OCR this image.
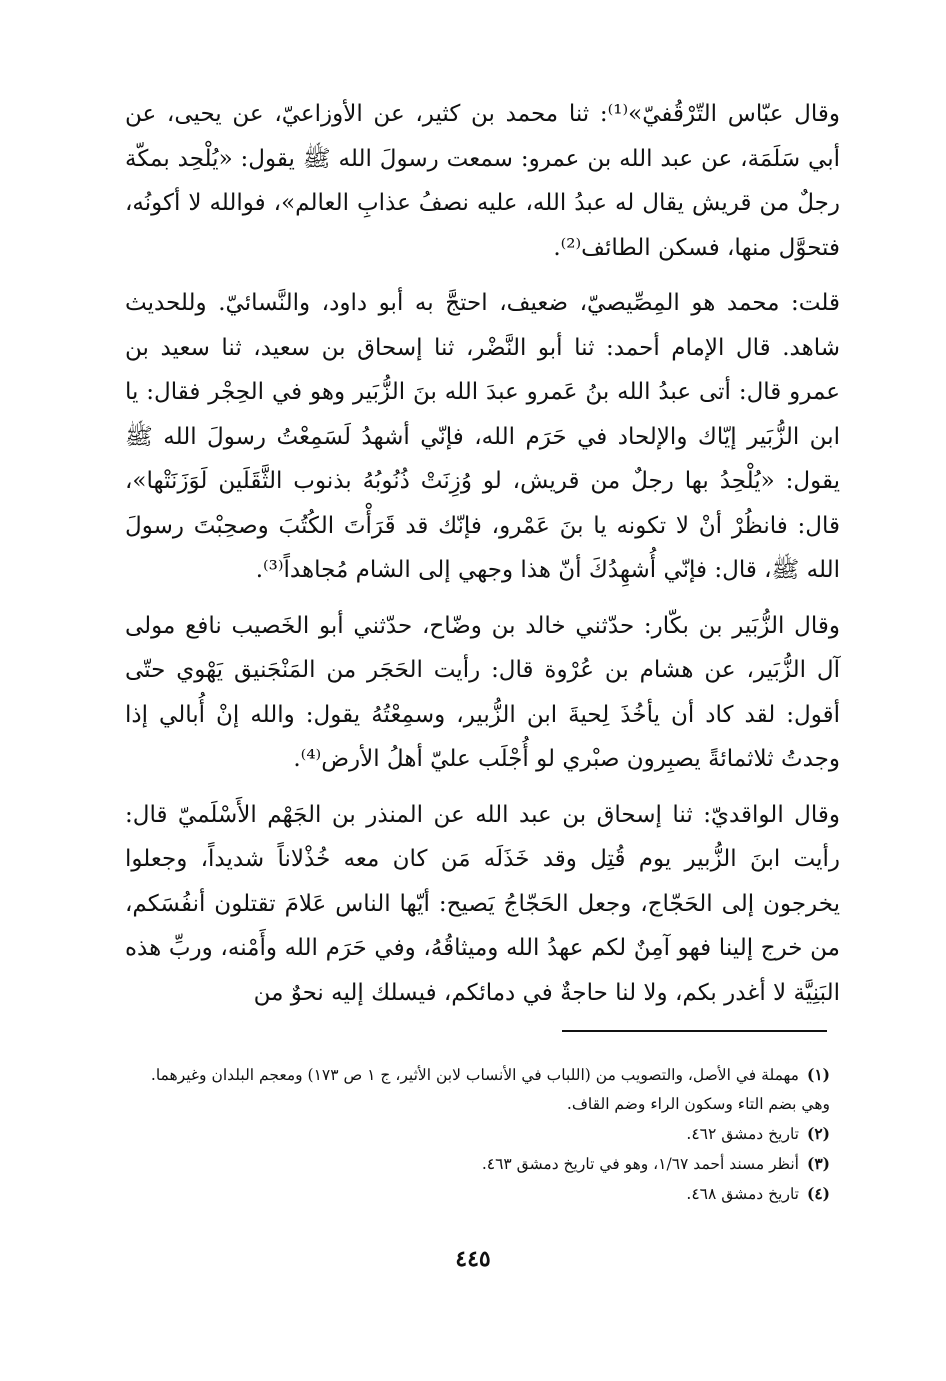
وقال عبّاس التّرْقُفيّ»⁽¹⁾: ثنا محمد بن كثير، عن الأوزاعيّ، عن يحيى، عن أبي سَلَمَة، عن عبد الله بن عمرو: سمعت رسولَ الله ﷺ يقول: «يُلْحِد بمكّة رجلٌ من قريش يقال له عبدُ الله، عليه نصفُ عذابِ العالم»، فوالله لا أكونُه، فتحوَّل منها، فسكن الطائف⁽²⁾.

قلت: محمد هو المِصِّيصيّ، ضعيف، احتجَّ به أبو داود، والنَّسائيّ. وللحديث شاهد. قال الإمام أحمد: ثنا أبو النَّضْر، ثنا إسحاق بن سعيد، ثنا سعيد بن عمرو قال: أتى عبدُ الله بنُ عَمرو عبدَ الله بنَ الزُّبَير وهو في الحِجْر فقال: يا ابن الزُّبَير إيّاك والإلحاد في حَرَم الله، فإنّي أشهدُ لَسَمِعْتُ رسولَ الله ﷺ يقول: «يُلْحِدُ بها رجلٌ من قريش، لو وُزِنَتْ ذُنُوبُهُ بذنوب الثَّقَلَين لَوَزَنَتْها»، قال: فانظُرْ أنْ لا تكونه يا بنَ عَمْرو، فإنّك قد قَرَأْتَ الكُتُبَ وصحِبْتَ رسولَ الله ﷺ، قال: فإنّي أُشهِدُكَ أنّ هذا وجهي إلى الشام مُجاهداً⁽³⁾.

وقال الزُّبَير بن بكّار: حدّثني خالد بن وضّاح، حدّثني أبو الخَصيب نافع مولى آل الزُّبَير، عن هشام بن عُرْوة قال: رأيت الحَجَر من المَنْجَنيق يَهْوي حتّى أقول: لقد كاد أن يأخُذَ لِحيةَ ابن الزُّبير، وسمِعْتُهُ يقول: والله إنْ أُبالي إذا وجدتُ ثلاثمائةً يصبِرون صبْري لو أُجْلَب عليّ أهلُ الأرض⁽⁴⁾.

وقال الواقديّ: ثنا إسحاق بن عبد الله عن المنذر بن الجَهْم الأَسْلَميّ قال: رأيت ابنَ الزُّبير يوم قُتِل وقد خَذَلَه مَن كان معه خُذْلاناً شديداً، وجعلوا يخرجون إلى الحَجّاج، وجعل الحَجّاجُ يَصيح: أيّها الناس عَلامَ تقتلون أنفُسَكم، من خرج إلينا فهو آمِنٌ لكم عهدُ الله وميثاقُهُ، وفي حَرَم الله وأَمْنه، وربِّ هذه البَنِيَّة لا أغدر بكم، ولا لنا حاجةٌ في دمائكم، فيسلك إليه نحوٌ من

(١)مهملة في الأصل، والتصويب من (اللباب في الأنساب لابن الأثير، ج ١ ص ١٧٣) ومعجم البلدان وغيرهما. وهي بضم التاء وسكون الراء وضم القاف.

(٢)تاريخ دمشق ٤٦٢.

(٣)أنظر مسند أحمد ١/٦٧، وهو في تاريخ دمشق ٤٦٣.

(٤)تاريخ دمشق ٤٦٨.

٤٤٥
